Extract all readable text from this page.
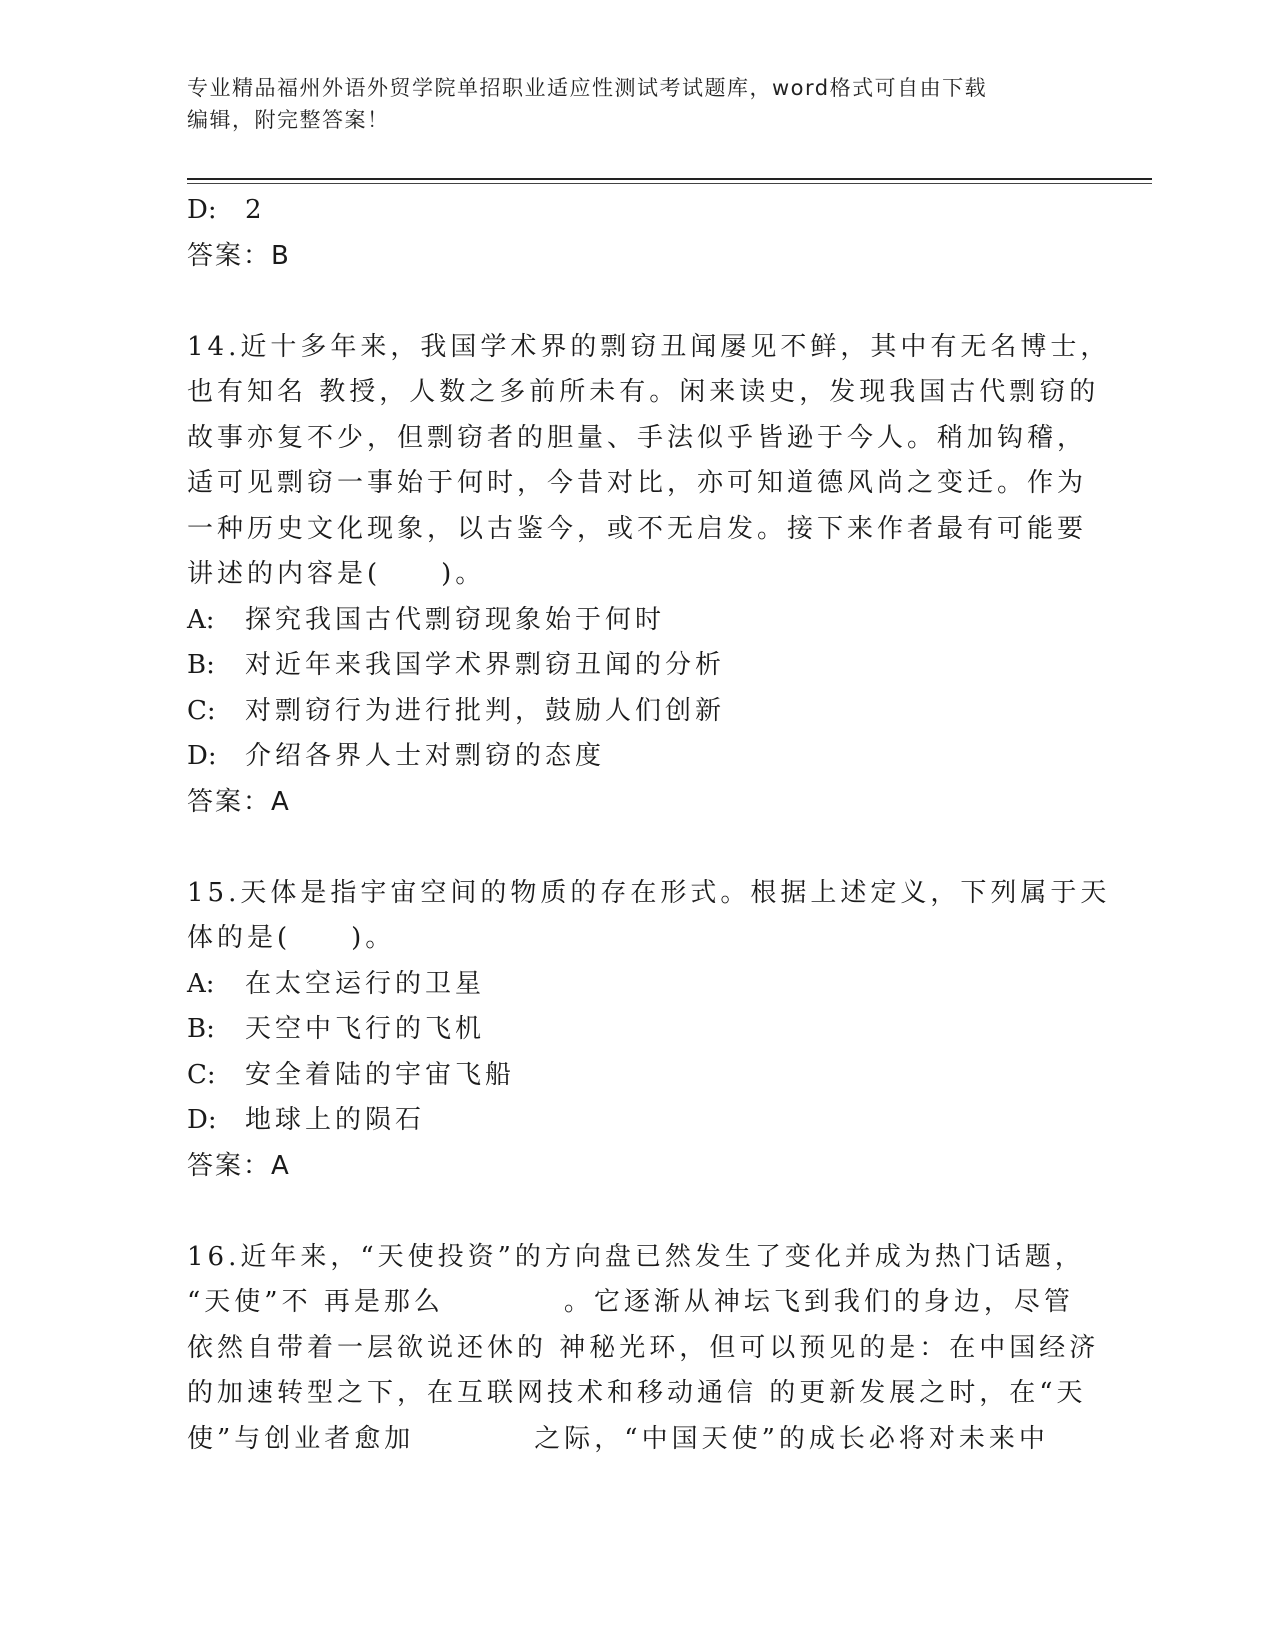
专业精品福州外语外贸学院单招职业适应性测试考试题库，word格式可自由下载
编辑，附完整答案！
D: 2
答案：B
14.近十多年来，我国学术界的剽窃丑闻屡见不鲜，其中有无名博士，
也有知名 教授，人数之多前所未有。闲来读史，发现我国古代剽窃的
故事亦复不少，但剽窃者的胆量、手法似乎皆逊于今人。稍加钩稽，
适可见剽窃一事始于何时，今昔对比，亦可知道德风尚之变迁。作为
一种历史文化现象，以古鉴今，或不无启发。接下来作者最有可能要
讲述的内容是(　　)。
A: 探究我国古代剽窃现象始于何时
B: 对近年来我国学术界剽窃丑闻的分析
C: 对剽窃行为进行批判，鼓励人们创新
D: 介绍各界人士对剽窃的态度
答案：A
15.天体是指宇宙空间的物质的存在形式。根据上述定义，下列属于天
体的是(　　)。
A: 在太空运行的卫星
B: 天空中飞行的飞机
C: 安全着陆的宇宙飞船
D: 地球上的陨石
答案：A
16.近年来，“天使投资”的方向盘已然发生了变化并成为热门话题，
“天使”不 再是那么　　　　。它逐渐从神坛飞到我们的身边，尽管
依然自带着一层欲说还休的 神秘光环，但可以预见的是：在中国经济
的加速转型之下，在互联网技术和移动通信 的更新发展之时，在“天
使”与创业者愈加　　　　之际，“中国天使”的成长必将对未来中
